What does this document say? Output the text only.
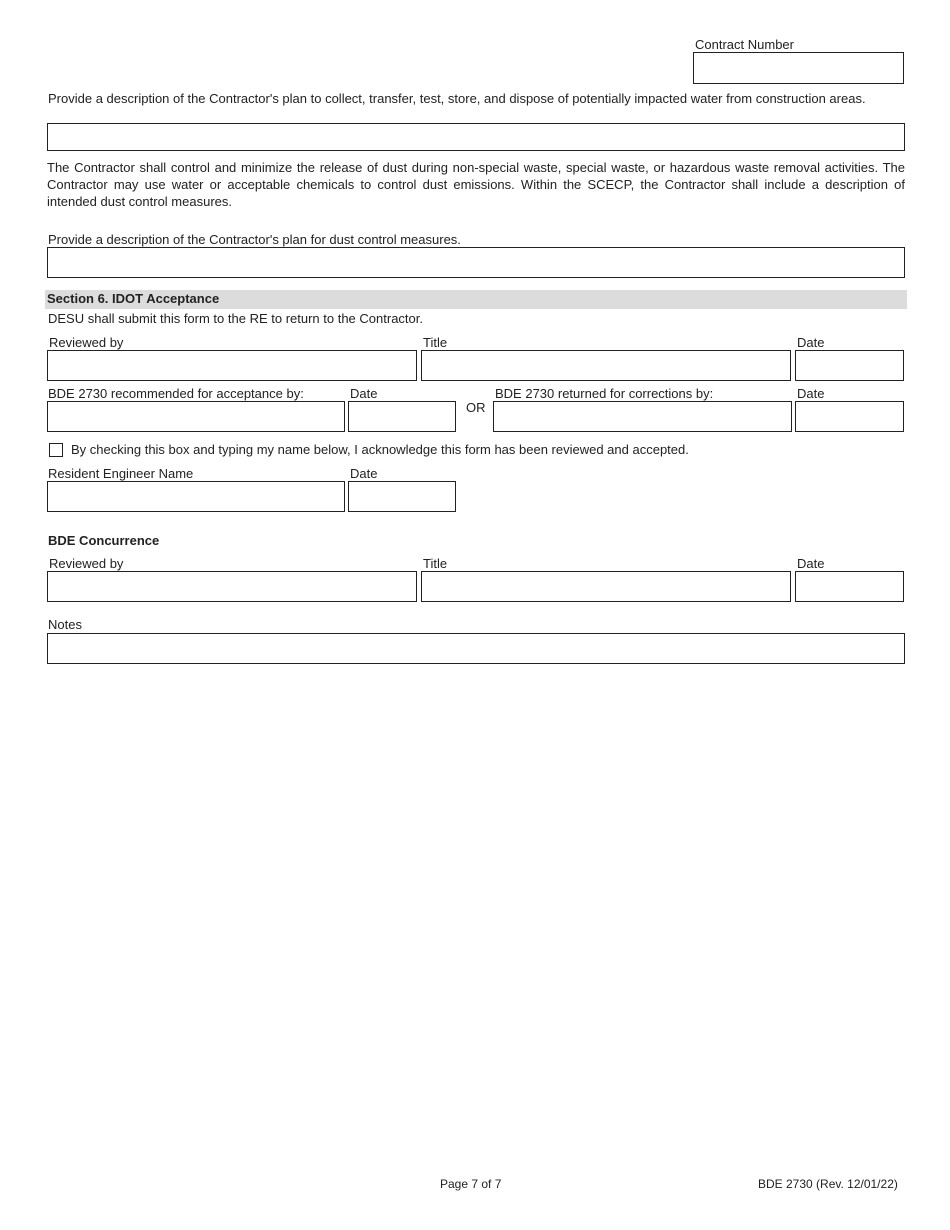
Contract Number
Provide a description of the Contractor's plan to collect, transfer, test, store, and dispose of potentially impacted water from construction areas.
The Contractor shall control and minimize the release of dust during non-special waste, special waste, or hazardous waste removal activities. The Contractor may use water or acceptable chemicals to control dust emissions. Within the SCECP, the Contractor shall include a description of intended dust control measures.
Provide a description of the Contractor's plan for dust control measures.
Section 6. IDOT Acceptance
DESU shall submit this form to the RE to return to the Contractor.
Reviewed by	Title	Date
BDE 2730 recommended for acceptance by:	Date	BDE 2730 returned for corrections by:	Date
OR
By checking this box and typing my name below, I acknowledge this form has been reviewed and accepted.
Resident Engineer Name	Date
BDE Concurrence
Reviewed by	Title	Date
Notes
Page 7 of 7	BDE 2730 (Rev. 12/01/22)
